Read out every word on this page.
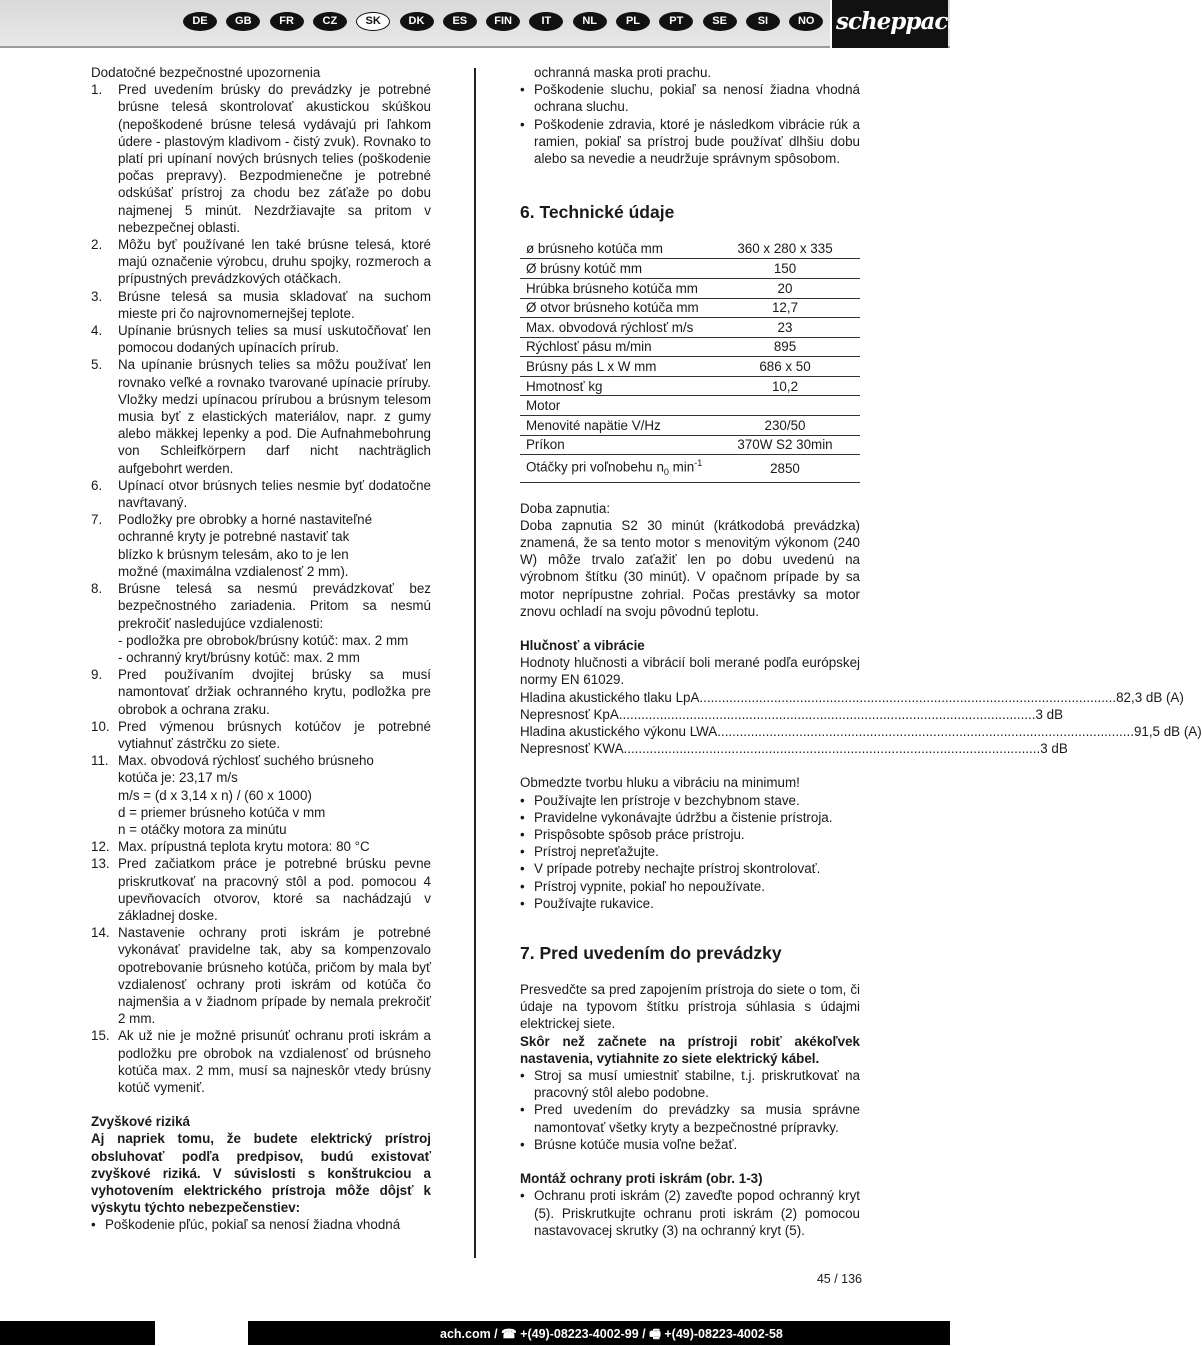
DE	GB	FR	CZ	SK	DK	ES	FIN	IT	NL	PL	PT	SE	SI	NO scheppach

Dodatočné bezpečnostné upozornenia

1. Pred uvedením brúsky do prevádzky je potrebné brúsne telesá skontrolovať akustickou skúškou (nepoškodené brúsne telesá vydávajú pri ľahkom údere - plastovým kladivom - čistý zvuk). Rovnako to platí pri upínaní nových brúsnych telies (poškodenie počas prepravy). Bezpodmienečne je potrebné odskúšať prístroj za chodu bez záťaže po dobu najmenej 5 minút. Nezdržiavajte sa pritom v nebezpečnej oblasti.
2. Môžu byť používané len také brúsne telesá, ktoré majú označenie výrobcu, druhu spojky, rozmeroch a prípustných prevádzkových otáčkach.
3. Brúsne telesá sa musia skladovať na suchom mieste pri čo najrovnomernejšej teplote.
4. Upínanie brúsnych telies sa musí uskutočňovať len pomocou dodaných upínacích prírub.
5. Na upínanie brúsnych telies sa môžu používať len rovnako veľké a rovnako tvarované upínacie príruby. Vložky medzi upínacou prírubou a brúsnym telesom musia byť z elastických materiálov, napr. z gumy alebo mäkkej lepenky a pod. Die Aufnahmebohrung von Schleifkörpern darf nicht nachträglich aufgebohrt werden.
6. Upínací otvor brúsnych telies nesmie byť dodatočne navŕtavaný.
7. Podložky pre obrobky a horné nastaviteľné
ochranné kryty je potrebné nastaviť tak
blízko k brúsnym telesám, ako to je len
možné (maximálna vzdialenosť 2 mm).
8. Brúsne telesá sa nesmú prevádzkovať bez bezpečnostného zariadenia. Pritom sa nesmú prekročiť nasledujúce vzdialenosti:
- podložka pre obrobok/brúsny kotúč: max. 2 mm
- ochranný kryt/brúsny kotúč: max. 2 mm
9. Pred používaním dvojitej brúsky sa musí namontovať držiak ochranného krytu, podložka pre obrobok a ochrana zraku.
10. Pred výmenou brúsnych kotúčov je potrebné vytiahnuť zástrčku zo siete.
11. Max. obvodová rýchlosť suchého brúsneho
kotúča je: 23,17 m/s
m/s = (d x 3,14 x n) / (60 x 1000)
d = priemer brúsneho kotúča v mm
n = otáčky motora za minútu
12. Max. prípustná teplota krytu motora: 80 °C
13. Pred začiatkom práce je potrebné brúsku pevne priskrutkovať na pracovný stôl a pod. pomocou 4 upevňovacích otvorov, ktoré sa nachádzajú v základnej doske.
14. Nastavenie ochrany proti iskrám je potrebné vykonávať pravidelne tak, aby sa kompenzovalo opotrebovanie brúsneho kotúča, pričom by mala byť vzdialenosť ochrany proti iskrám od kotúča čo najmenšia a v žiadnom prípade by nemala prekročiť 2 mm.
15. Ak už nie je možné prisunúť ochranu proti iskrám a podložku pre obrobok na vzdialenosť od brúsneho kotúča max. 2 mm, musí sa najneskôr vtedy brúsny kotúč vymeniť.

Zvyškové riziká

Aj napriek tomu, že budete elektrický prístroj obsluhovať podľa predpisov, budú existovať zvyškové riziká. V súvislosti s konštrukciou a vyhotovením elektrického prístroja môže dôjsť k výskytu týchto nebezpečenstiev:

• Poškodenie pľúc, pokiaľ sa nenosí žiadna vhodná

ochranná maska proti prachu.

• Poškodenie sluchu, pokiaľ sa nenosí žiadna vhodná ochrana sluchu.
• Poškodenie zdravia, ktoré je následkom vibrácie rúk a ramien, pokiaľ sa prístroj bude používať dlhšiu dobu alebo sa nevedie a neudržuje správnym spôsobom.
6. Technické údaje
ø brúsneho kotúča mm	360 x 280 x 335
Ø brúsny kotúč mm	150
Hrúbka brúsneho kotúča mm	20
Ø otvor brúsneho kotúča mm	12,7
Max. obvodová rýchlosť m/s	23
Rýchlosť pásu m/min	895
Brúsny pás L x W mm	686 x 50
Hmotnosť kg	10,2
Motor	
Menovité napätie V/Hz	230/50
Príkon	370W S2 30min
Otáčky pri voľnobehu $n_0$ $\min^{-1}$	2850

Doba zapnutia:

Doba zapnutia S2 30 minút (krátkodobá prevádzka) znamená, že sa tento motor s menovitým výkonom (240 W) môže trvalo zaťažiť len po dobu uvedenú na výrobnom štítku (30 minút). V opačnom prípade by sa motor neprípustne zohrial. Počas prestávky sa motor znovu ochladí na svoju pôvodnú teplotu.

Hlučnosť a vibrácie

Hodnoty hlučnosti a vibrácií boli merané podľa európskej normy EN 61029.

Hladina akustického tlaku LpA .....	82,3 dB (A)
Nepresnosť KpA .....	3 dB
Hladina akustického výkonu LWA .....	91,5 dB (A)
Nepresnosť KWA .....	3 dB

Obmedzte tvorbu hluku a vibráciu na minimum!

• Používajte len prístroje v bezchybnom stave.
• Pravidelne vykonávajte údržbu a čistenie prístroja.
• Prispôsobte spôsob práce prístroju.
• Prístroj nepreťažujte.
• V prípade potreby nechajte prístroj skontrolovať.
• Prístroj vypnite, pokiaľ ho nepoužívate.
• Používajte rukavice.
7. Pred uvedením do prevádzky

Presvedčte sa pred zapojením prístroja do siete o tom, či údaje na typovom štítku prístroja súhlasia s údajmi elektrickej siete.

Skôr než začnete na prístroji robiť akékoľvek nastavenia, vytiahnite zo siete elektrický kábel.

• Stroj sa musí umiestniť stabilne, t.j. priskrutkovať na pracovný stôl alebo podobne.
• Pred uvedením do prevádzky sa musia správne namontovať všetky kryty a bezpečnostné prípravky.
• Brúsne kotúče musia voľne bežať.

Montáž ochrany proti iskrám (obr. 1-3)

• Ochranu proti iskrám (2) zaveďte popod ochranný kryt (5). Priskrutkujte ochranu proti iskrám (2) pomocou nastavovacej skrutky (3) na ochranný kryt (5).
45 / 136
ach.com / ☎ +(49)-08223-4002-99 / 🖷 +(49)-08223-4002-58
